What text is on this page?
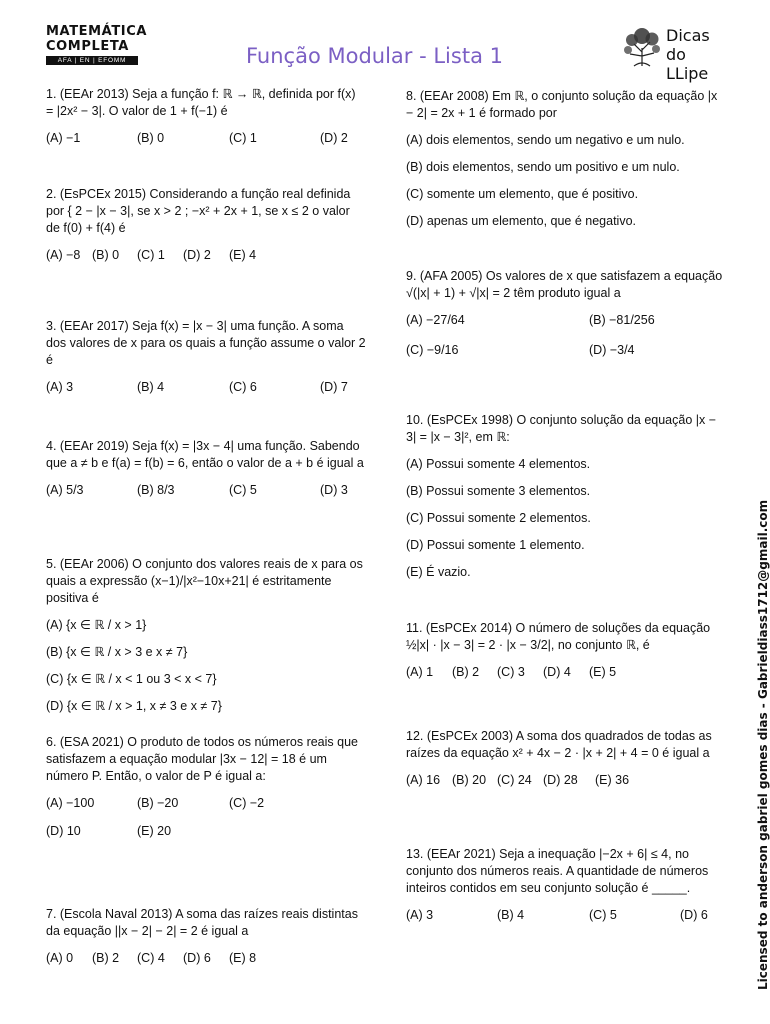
MATEMÁTICA
COMPLETA
AFA | EN | EFOMM	Função Modular - Lista 1
Dicas
do LLipe

1. (EEAr 2013) Seja a função f: ℝ → ℝ, definida por f(x) = |2x² − 3|. O valor de 1 + f(−1) é

(A) −1	(B) 0	(C) 1	(D) 2

2. (EsPCEx 2015) Considerando a função real definida por { 2 − |x − 3|, se x > 2 ; −x² + 2x + 1, se x ≤ 2 o valor de f(0) + f(4) é

(A) −8 (B) 0 (C) 1 (D) 2 (E) 4

3. (EEAr 2017) Seja f(x) = |x − 3| uma função. A soma dos valores de x para os quais a função assume o valor 2 é

(A) 3	(B) 4	(C) 6	(D) 7

4. (EEAr 2019) Seja f(x) = |3x − 4| uma função. Sabendo que a ≠ b e f(a) = f(b) = 6, então o valor de a + b é igual a

(A) 5/3	(B) 8/3	(C) 5	(D) 3

5. (EEAr 2006) O conjunto dos valores reais de x para os quais a expressão (x−1)/|x²−10x+21| é estritamente positiva é

(A) {x ∈ ℝ / x > 1}
(B) {x ∈ ℝ / x > 3 e x ≠ 7}
(C) {x ∈ ℝ / x < 1 ou 3 < x < 7}
(D) {x ∈ ℝ / x > 1, x ≠ 3 e x ≠ 7}

6. (ESA 2021) O produto de todos os números reais que satisfazem a equação modular |3x − 12| = 18 é um número P. Então, o valor de P é igual a:

(A) −100	(B) −20	(C) −2
(D) 10	(E) 20

7. (Escola Naval 2013) A soma das raízes reais distintas da equação ||x − 2| − 2| = 2 é igual a

(A) 0 (B) 2 (C) 4 (D) 6 (E) 8

8. (EEAr 2008) Em ℝ, o conjunto solução da equação |x − 2| = 2x + 1 é formado por

(A) dois elementos, sendo um negativo e um nulo.
(B) dois elementos, sendo um positivo e um nulo.
(C) somente um elemento, que é positivo.
(D) apenas um elemento, que é negativo.

9. (AFA 2005) Os valores de x que satisfazem a equação √(|x| + 1) + √|x| = 2 têm produto igual a

(A) −27/64	(B) −81/256
(C) −9/16	(D) −3/4

10. (EsPCEx 1998) O conjunto solução da equação |x − 3| = |x − 3|², em ℝ:

(A) Possui somente 4 elementos.
(B) Possui somente 3 elementos.
(C) Possui somente 2 elementos.
(D) Possui somente 1 elemento.
(E) É vazio.

11. (EsPCEx 2014) O número de soluções da equação ½|x| · |x − 3| = 2 · |x − 3/2|, no conjunto ℝ, é

(A) 1 (B) 2 (C) 3 (D) 4 (E) 5

12. (EsPCEx 2003) A soma dos quadrados de todas as raízes da equação x² + 4x − 2 · |x + 2| + 4 = 0 é igual a

(A) 16 (B) 20 (C) 24 (D) 28 (E) 36

13. (EEAr 2021) Seja a inequação |−2x + 6| ≤ 4, no conjunto dos números reais. A quantidade de números inteiros contidos em seu conjunto solução é _____.

(A) 3	(B) 4	(C) 5	(D) 6	Licensed to anderson gabriel gomes dias - Gabrieldiass1712@gmail.com
